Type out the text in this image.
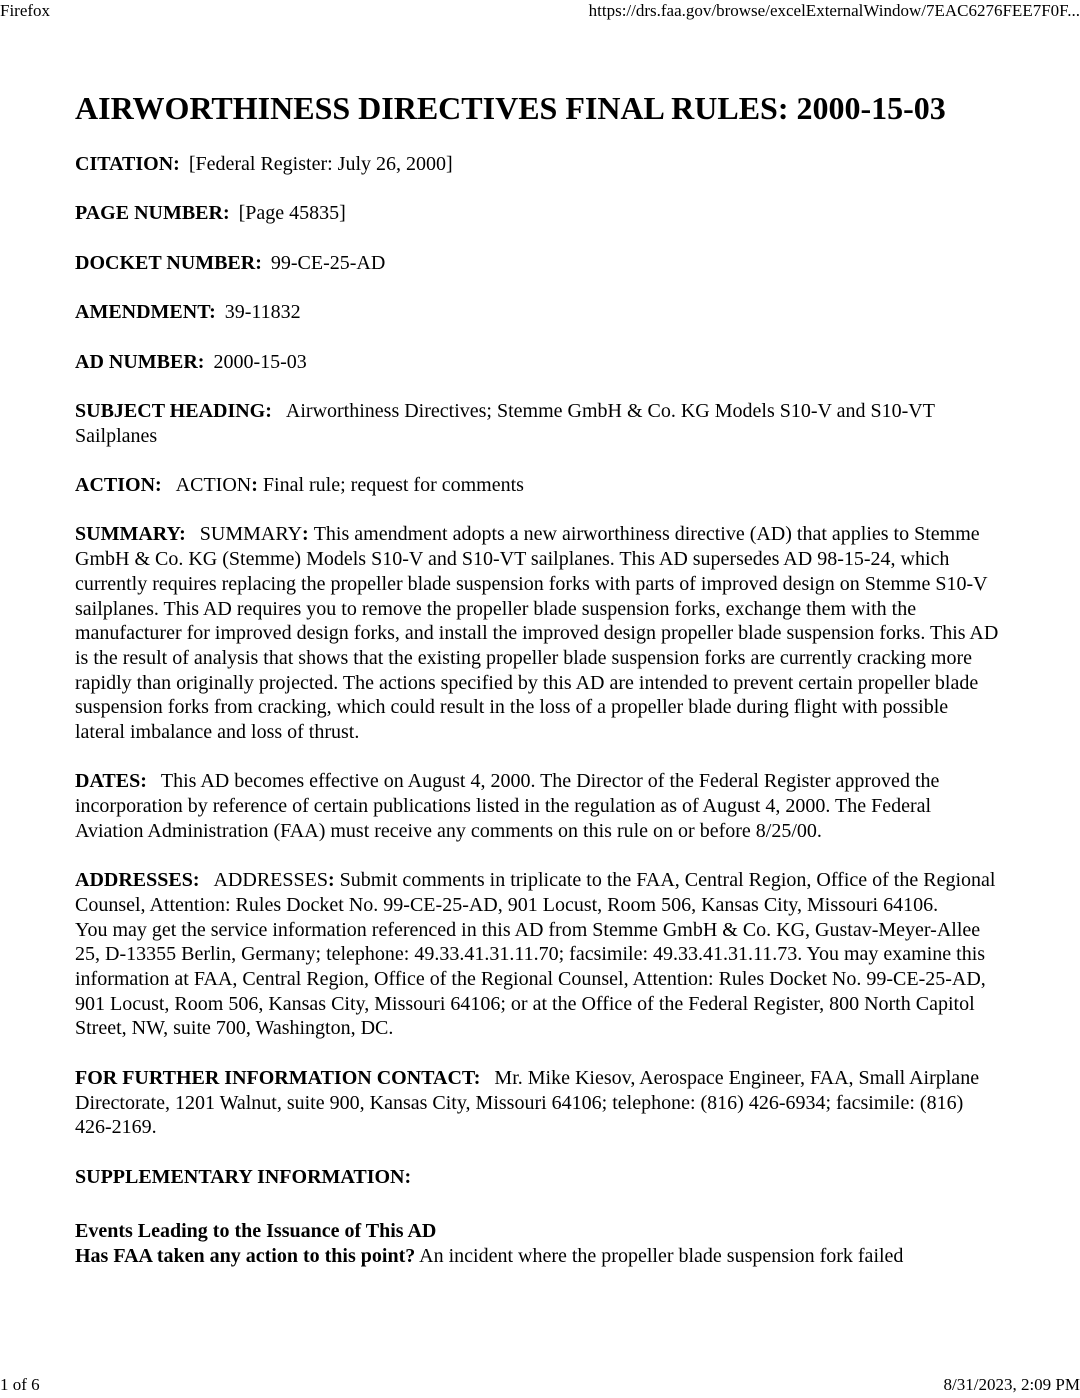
Firefox	https://drs.faa.gov/browse/excelExternalWindow/7EAC6276FEE7F0F...
AIRWORTHINESS DIRECTIVES FINAL RULES: 2000-15-03
CITATION: [Federal Register: July 26, 2000]
PAGE NUMBER: [Page 45835]
DOCKET NUMBER: 99-CE-25-AD
AMENDMENT: 39-11832
AD NUMBER: 2000-15-03
SUBJECT HEADING: Airworthiness Directives; Stemme GmbH & Co. KG Models S10-V and S10-VT Sailplanes
ACTION: ACTION: Final rule; request for comments
SUMMARY: SUMMARY: This amendment adopts a new airworthiness directive (AD) that applies to Stemme GmbH & Co. KG (Stemme) Models S10-V and S10-VT sailplanes. This AD supersedes AD 98-15-24, which currently requires replacing the propeller blade suspension forks with parts of improved design on Stemme S10-V sailplanes. This AD requires you to remove the propeller blade suspension forks, exchange them with the manufacturer for improved design forks, and install the improved design propeller blade suspension forks. This AD is the result of analysis that shows that the existing propeller blade suspension forks are currently cracking more rapidly than originally projected. The actions specified by this AD are intended to prevent certain propeller blade suspension forks from cracking, which could result in the loss of a propeller blade during flight with possible lateral imbalance and loss of thrust.
DATES: This AD becomes effective on August 4, 2000. The Director of the Federal Register approved the incorporation by reference of certain publications listed in the regulation as of August 4, 2000. The Federal Aviation Administration (FAA) must receive any comments on this rule on or before 8/25/00.
ADDRESSES: ADDRESSES: Submit comments in triplicate to the FAA, Central Region, Office of the Regional Counsel, Attention: Rules Docket No. 99-CE-25-AD, 901 Locust, Room 506, Kansas City, Missouri 64106.
You may get the service information referenced in this AD from Stemme GmbH & Co. KG, Gustav-Meyer-Allee 25, D-13355 Berlin, Germany; telephone: 49.33.41.31.11.70; facsimile: 49.33.41.31.11.73. You may examine this information at FAA, Central Region, Office of the Regional Counsel, Attention: Rules Docket No. 99-CE-25-AD, 901 Locust, Room 506, Kansas City, Missouri 64106; or at the Office of the Federal Register, 800 North Capitol Street, NW, suite 700, Washington, DC.
FOR FURTHER INFORMATION CONTACT: Mr. Mike Kiesov, Aerospace Engineer, FAA, Small Airplane
Directorate, 1201 Walnut, suite 900, Kansas City, Missouri 64106; telephone: (816) 426-6934; facsimile: (816) 426-2169.
SUPPLEMENTARY INFORMATION:
Events Leading to the Issuance of This AD
Has FAA taken any action to this point? An incident where the propeller blade suspension fork failed
1 of 6	8/31/2023, 2:09 PM
